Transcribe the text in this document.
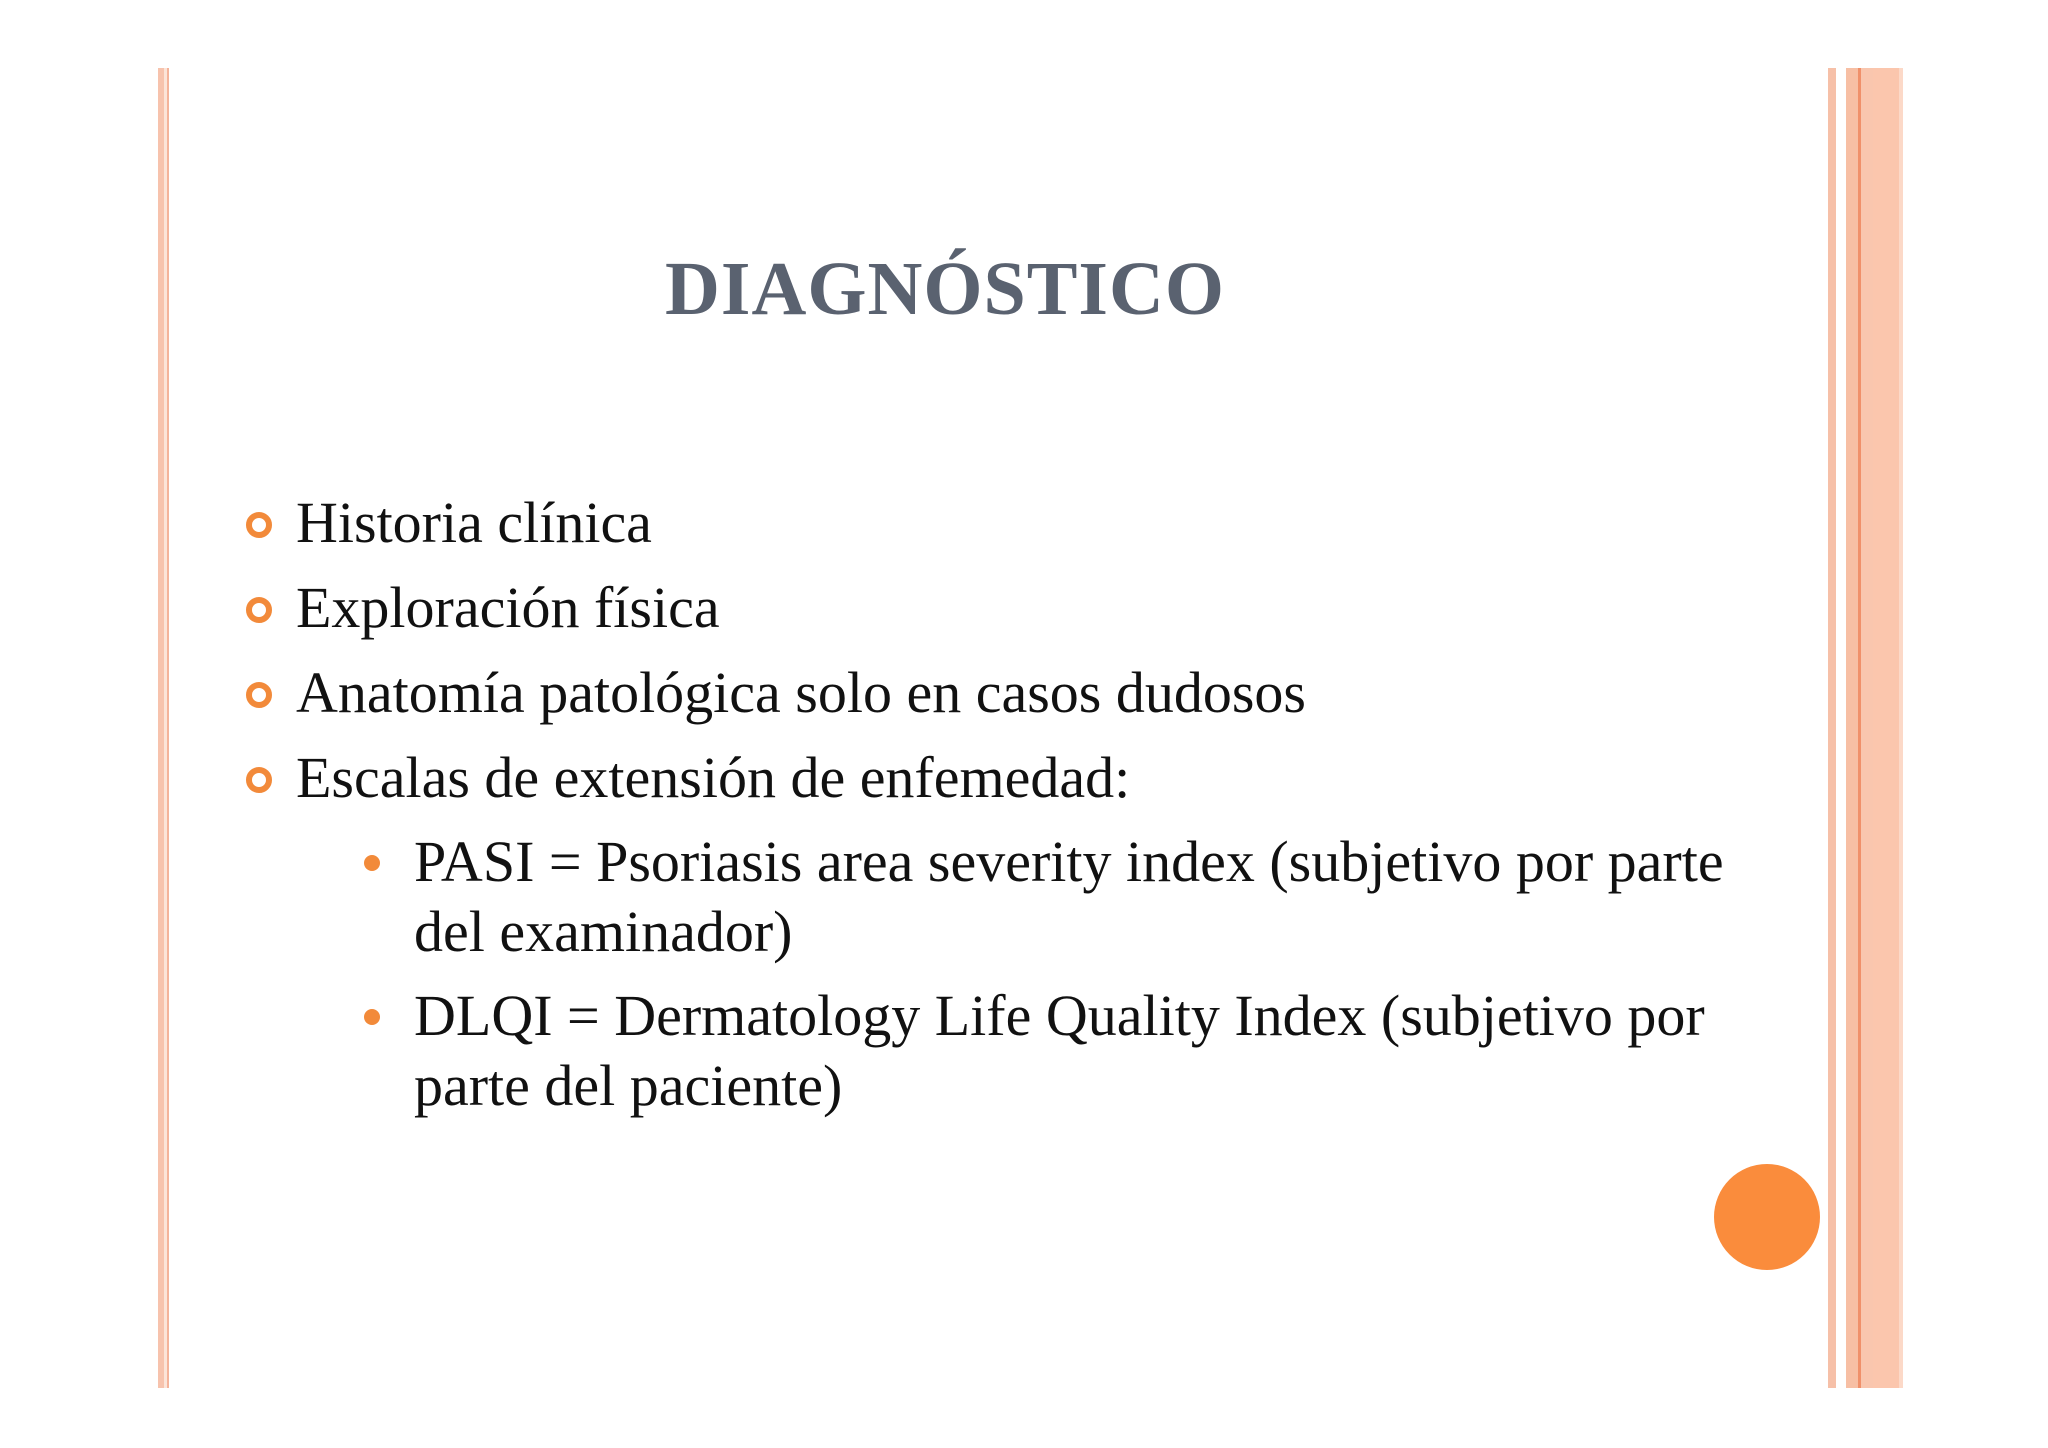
DIAGNÓSTICO
Historia clínica
Exploración física
Anatomía patológica solo en casos dudosos
Escalas de extensión de enfemedad:
PASI = Psoriasis area severity index (subjetivo por parte del examinador)
DLQI = Dermatology Life Quality Index (subjetivo por parte del paciente)
